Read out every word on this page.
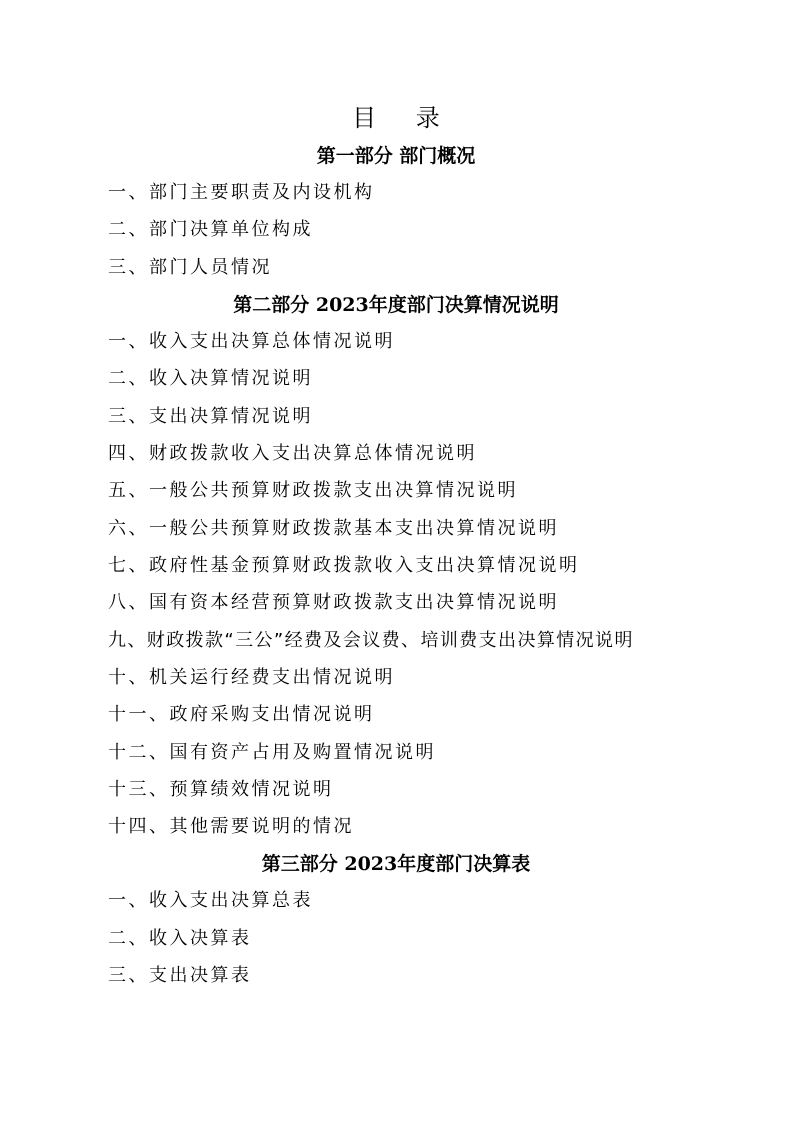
目 录
第一部分 部门概况
一、部门主要职责及内设机构
二、部门决算单位构成
三、部门人员情况
第二部分 2023年度部门决算情况说明
一、收入支出决算总体情况说明
二、收入决算情况说明
三、支出决算情况说明
四、财政拨款收入支出决算总体情况说明
五、一般公共预算财政拨款支出决算情况说明
六、一般公共预算财政拨款基本支出决算情况说明
七、政府性基金预算财政拨款收入支出决算情况说明
八、国有资本经营预算财政拨款支出决算情况说明
九、财政拨款“三公”经费及会议费、培训费支出决算情况说明
十、机关运行经费支出情况说明
十一、政府采购支出情况说明
十二、国有资产占用及购置情况说明
十三、预算绩效情况说明
十四、其他需要说明的情况
第三部分 2023年度部门决算表
一、收入支出决算总表
二、收入决算表
三、支出决算表
